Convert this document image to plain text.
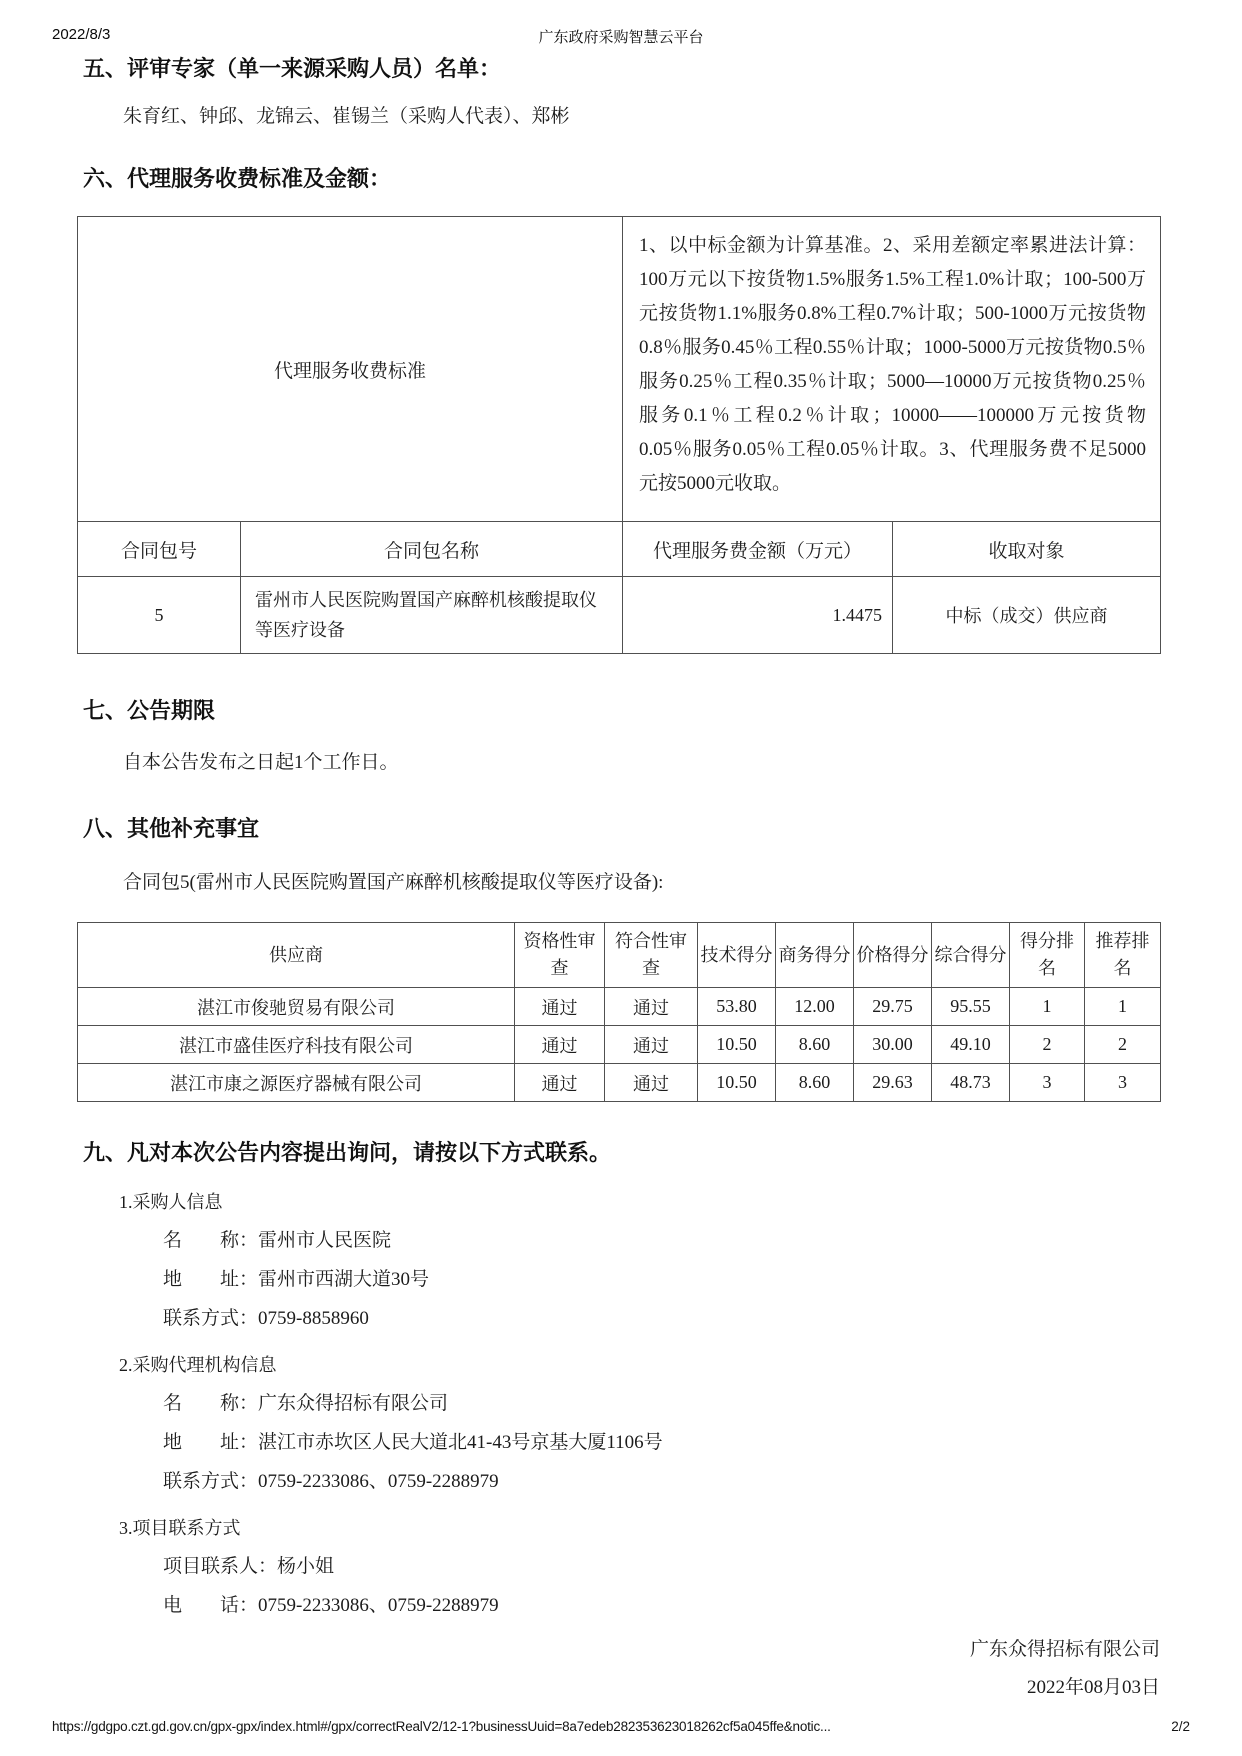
2022/8/3	广东政府采购智慧云平台
五、评审专家（单一来源采购人员）名单：
朱育红、钟邱、龙锦云、崔锡兰（采购人代表）、郑彬
六、代理服务收费标准及金额：
代理服务收费标准		1、以中标金额为计算基准。2、采用差额定率累进法计算：100万元以下按货物1.5%服务1.5%工程1.0%计取；100-500万元按货物1.1%服务0.8%工程0.7%计取；500-1000万元按货物0.8％服务0.45％工程0.55％计取；1000-5000万元按货物0.5％服务0.25％工程0.35％计取；5000—10000万元按货物0.25％服务0.1％工程0.2％计取；10000——100000万元按货物0.05％服务0.05％工程0.05％计取。3、代理服务费不足5000元按5000元收取。	
合同包号	合同包名称	代理服务费金额（万元）	收取对象
5	雷州市人民医院购置国产麻醉机核酸提取仪等医疗设备	1.4475	中标（成交）供应商
七、公告期限
自本公告发布之日起1个工作日。
八、其他补充事宜
合同包5(雷州市人民医院购置国产麻醉机核酸提取仪等医疗设备):
供应商	资格性审查	符合性审查	技术得分	商务得分	价格得分	综合得分	得分排名	推荐排名
湛江市俊驰贸易有限公司	通过	通过	53.80	12.00	29.75	95.55	1	1
湛江市盛佳医疗科技有限公司	通过	通过	10.50	8.60	30.00	49.10	2	2
湛江市康之源医疗器械有限公司	通过	通过	10.50	8.60	29.63	48.73	3	3
九、凡对本次公告内容提出询问，请按以下方式联系。
1.采购人信息
名　　称：雷州市人民医院
地　　址：雷州市西湖大道30号
联系方式：0759-8858960
2.采购代理机构信息
名　　称：广东众得招标有限公司
地　　址：湛江市赤坎区人民大道北41-43号京基大厦1106号
联系方式：0759-2233086、0759-2288979
3.项目联系方式
项目联系人：杨小姐
电　　话：0759-2233086、0759-2288979
广东众得招标有限公司
2022年08月03日
https://gdgpo.czt.gd.gov.cn/gpx-gpx/index.html#/gpx/correctRealV2/12-1?businessUuid=8a7edeb282353623018262cf5a045ffe&notic...	2/2
